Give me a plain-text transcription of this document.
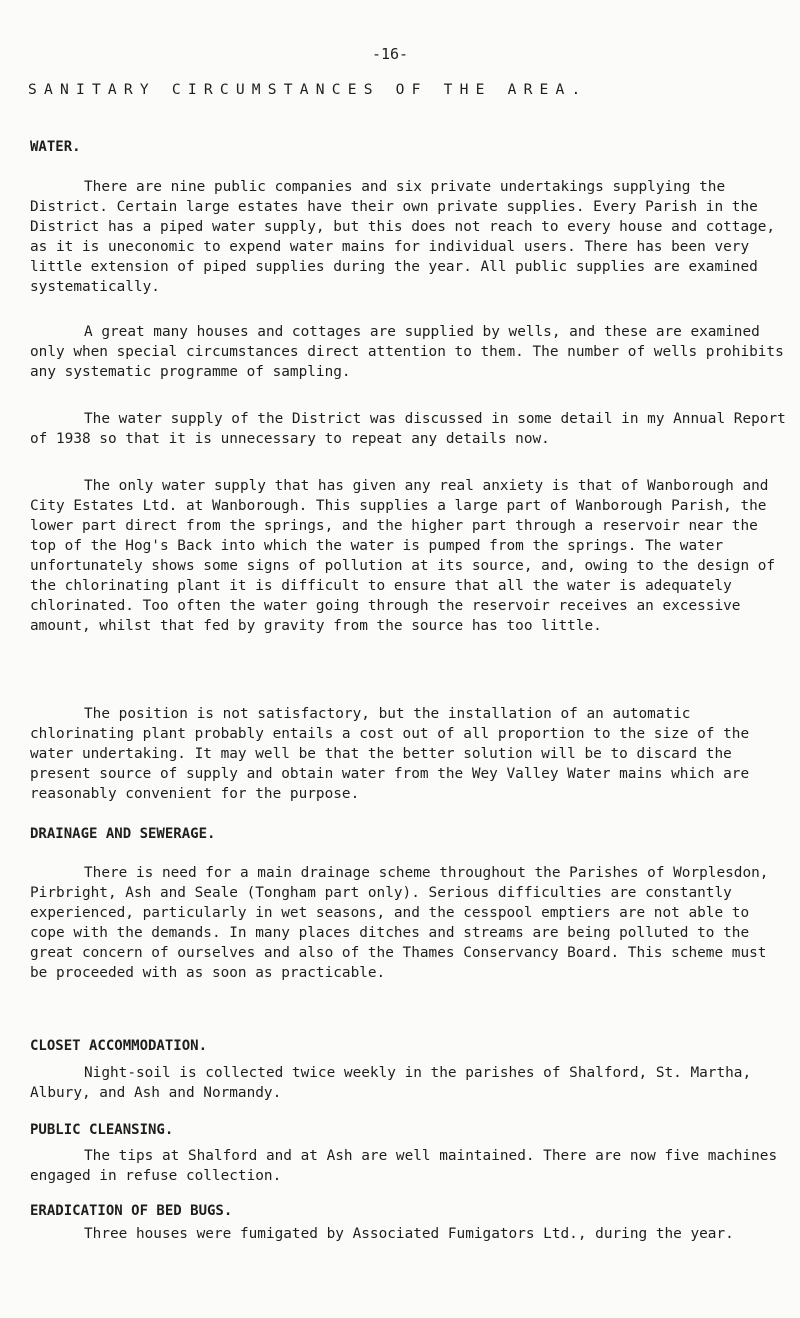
-16-
SANITARY CIRCUMSTANCES OF THE AREA.
WATER.

There are nine public companies and six private undertakings supplying the District. Certain large estates have their own private supplies. Every Parish in the District has a piped water supply, but this does not reach to every house and cottage, as it is uneconomic to expend water mains for individual users. There has been very little extension of piped supplies during the year. All public supplies are examined systematically.

A great many houses and cottages are supplied by wells, and these are examined only when special circumstances direct attention to them. The number of wells prohibits any systematic programme of sampling.

The water supply of the District was discussed in some detail in my Annual Report of 1938 so that it is unnecessary to repeat any details now.

The only water supply that has given any real anxiety is that of Wanborough and City Estates Ltd. at Wanborough. This supplies a large part of Wanborough Parish, the lower part direct from the springs, and the higher part through a reservoir near the top of the Hog's Back into which the water is pumped from the springs. The water unfortunately shows some signs of pollution at its source, and, owing to the design of the chlorinating plant it is difficult to ensure that all the water is adequately chlorinated. Too often the water going through the reservoir receives an excessive amount, whilst that fed by gravity from the source has too little.

The position is not satisfactory, but the installation of an automatic chlorinating plant probably entails a cost out of all proportion to the size of the water undertaking. It may well be that the better solution will be to discard the present source of supply and obtain water from the Wey Valley Water mains which are reasonably convenient for the purpose.

DRAINAGE AND SEWERAGE.

There is need for a main drainage scheme throughout the Parishes of Worplesdon, Pirbright, Ash and Seale (Tongham part only). Serious difficulties are constantly experienced, particularly in wet seasons, and the cesspool emptiers are not able to cope with the demands. In many places ditches and streams are being polluted to the great concern of ourselves and also of the Thames Conservancy Board. This scheme must be proceeded with as soon as practicable.

CLOSET ACCOMMODATION.

Night-soil is collected twice weekly in the parishes of Shalford, St. Martha, Albury, and Ash and Normandy.

PUBLIC CLEANSING.

The tips at Shalford and at Ash are well maintained. There are now five machines engaged in refuse collection.

ERADICATION OF BED BUGS.

Three houses were fumigated by Associated Fumigators Ltd., during the year.
